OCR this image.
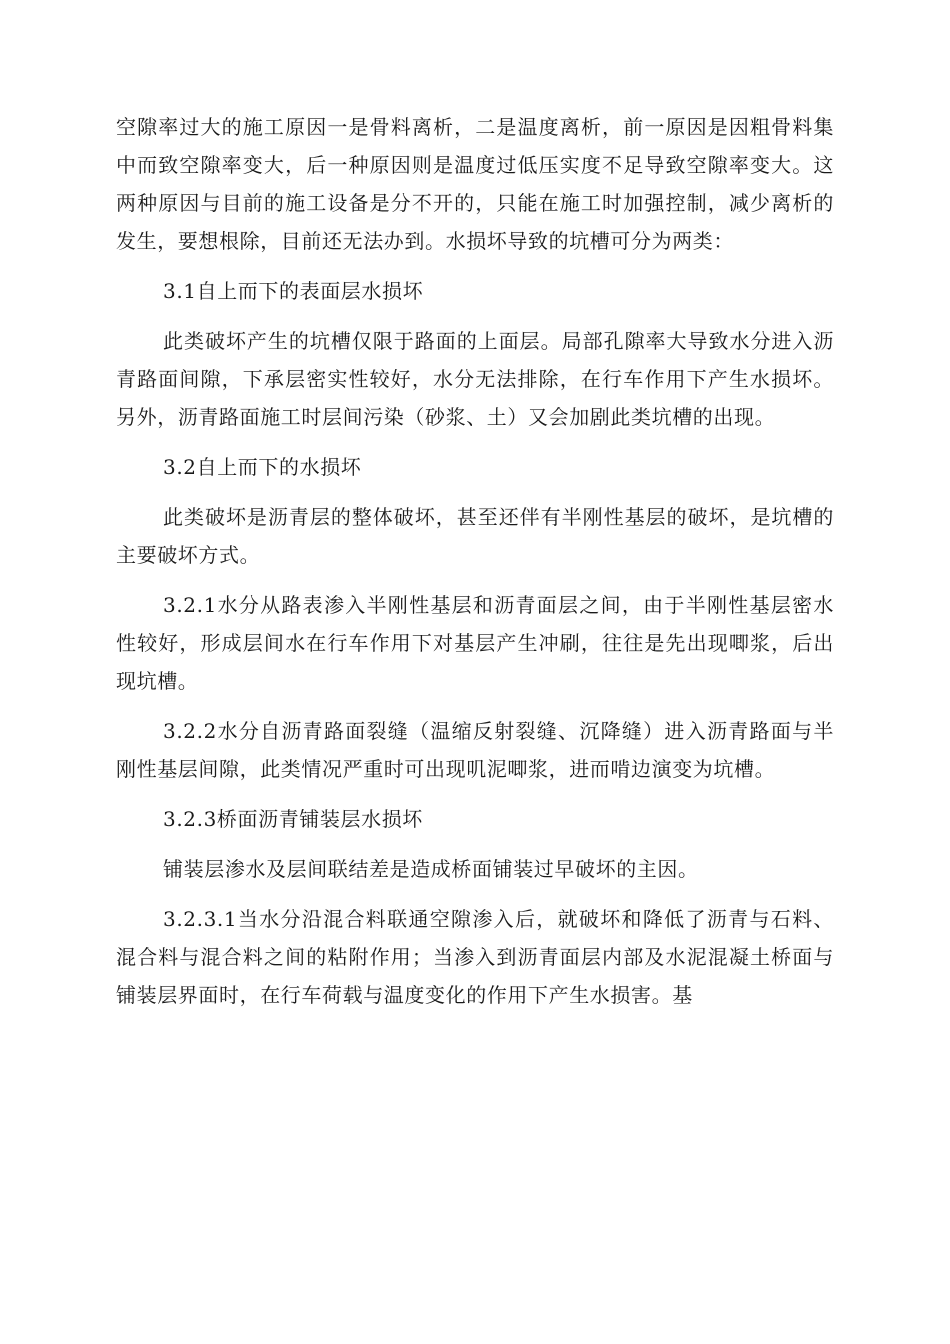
空隙率过大的施工原因一是骨料离析，二是温度离析，前一原因是因粗骨料集中而致空隙率变大，后一种原因则是温度过低压实度不足导致空隙率变大。这两种原因与目前的施工设备是分不开的，只能在施工时加强控制，减少离析的发生，要想根除，目前还无法办到。水损坏导致的坑槽可分为两类：

3.1自上而下的表面层水损坏

此类破坏产生的坑槽仅限于路面的上面层。局部孔隙率大导致水分进入沥青路面间隙，下承层密实性较好，水分无法排除，在行车作用下产生水损坏。另外，沥青路面施工时层间污染（砂浆、土）又会加剧此类坑槽的出现。

3.2自上而下的水损坏

此类破坏是沥青层的整体破坏，甚至还伴有半刚性基层的破坏，是坑槽的主要破坏方式。

3.2.1水分从路表渗入半刚性基层和沥青面层之间，由于半刚性基层密水性较好，形成层间水在行车作用下对基层产生冲刷，往往是先出现唧浆，后出现坑槽。

3.2.2水分自沥青路面裂缝（温缩反射裂缝、沉降缝）进入沥青路面与半刚性基层间隙，此类情况严重时可出现叽泥唧浆，进而啃边演变为坑槽。

3.2.3桥面沥青铺装层水损坏

铺装层渗水及层间联结差是造成桥面铺装过早破坏的主因。

3.2.3.1当水分沿混合料联通空隙渗入后，就破坏和降低了沥青与石料、混合料与混合料之间的粘附作用；当渗入到沥青面层内部及水泥混凝土桥面与铺装层界面时，在行车荷载与温度变化的作用下产生水损害。基
